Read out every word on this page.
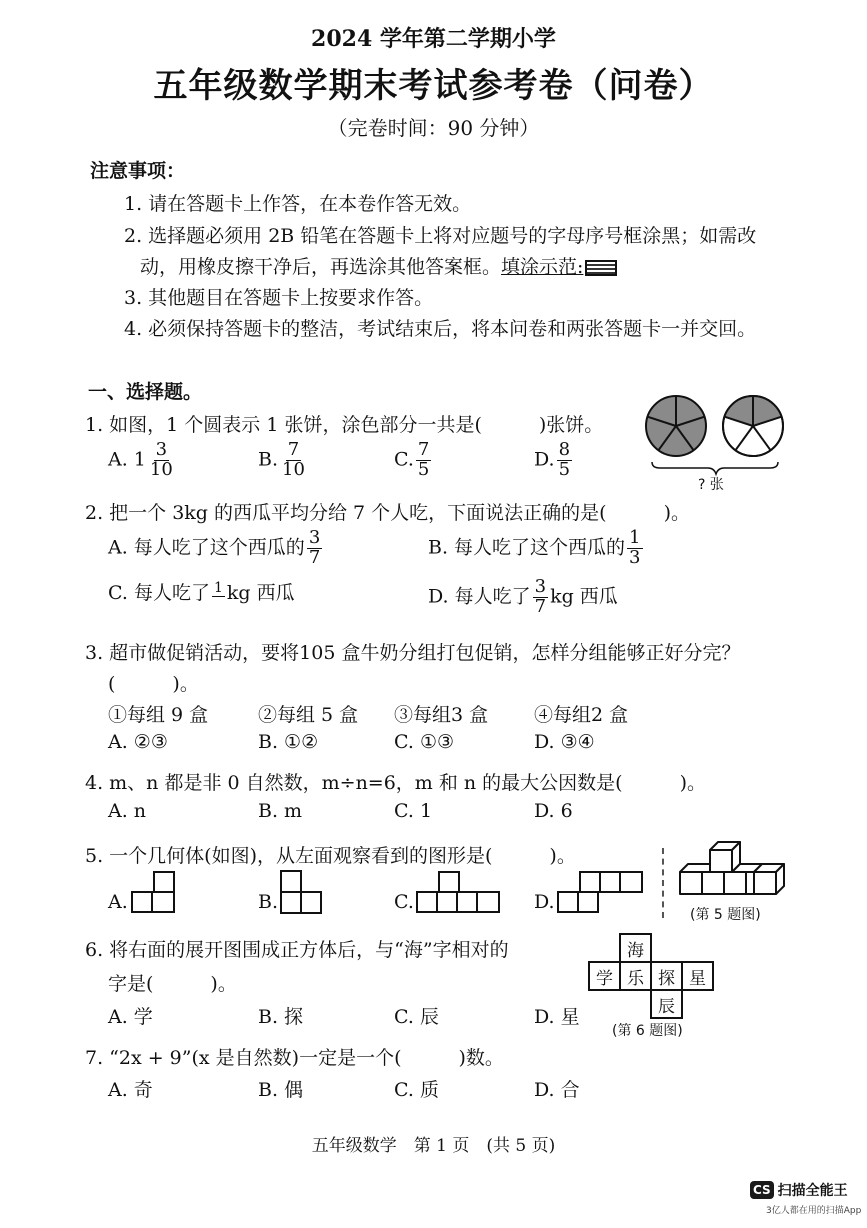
2024 学年第二学期小学
五年级数学期末考试参考卷（问卷）
（完卷时间：90 分钟）
注意事项：
1. 请在答题卡上作答，在本卷作答无效。
2. 选择题必须用 2B 铅笔在答题卡上将对应题号的字母序号框涂黑；如需改
动，用橡皮擦干净后，再选涂其他答案框。填涂示范:
3. 其他题目在答题卡上按要求作答。
4. 必须保持答题卡的整洁，考试结束后，将本问卷和两张答题卡一并交回。
一、选择题。
1. 如图，1 个圆表示 1 张饼，涂色部分一共是(　　　)张饼。
A. $1 \frac{3}{10}$	B. $\frac{7}{10}$	C. $\frac{7}{5}$	D. $\frac{8}{5}$
? 张
2. 把一个 3kg 的西瓜平均分给 7 个人吃，下面说法正确的是(　　　)。
A. 每人吃了这个西瓜的 $\frac{3}{7}$	B. 每人吃了这个西瓜的 $\frac{1}{3}$
C. 每人吃了 1 kg 西瓜	D. 每人吃了 $\frac{3}{7}$ kg 西瓜
3. 超市做促销活动，要将105 盒牛奶分组打包促销，怎样分组能够正好分完？
(　　　)。
①每组 9 盒	②每组 5 盒 ③每组3 盒 ④每组2 盒
A. ②③	B. ①②	C. ①③	D. ③④
4. m、n 都是非 0 自然数，m÷n=6，m 和 n 的最大公因数是(　　　)。
A. n	B. m	C. 1	D. 6
5. 一个几何体(如图)，从左面观察看到的图形是(　　　)。
A.	B.	C.	D.
(第 5 题图)
6. 将右面的展开图围成正方体后，与“海”字相对的
字是(　　　)。
A. 学	B. 探	C. 辰	D. 星
海
学 乐 探 星
辰
(第 6 题图)
7. “2x + 9”(x 是自然数)一定是一个(　　　)数。
A. 奇	B. 偶	C. 质	D. 合
五年级数学　第 1 页　(共 5 页)
CS 扫描全能王
3亿人都在用的扫描App
